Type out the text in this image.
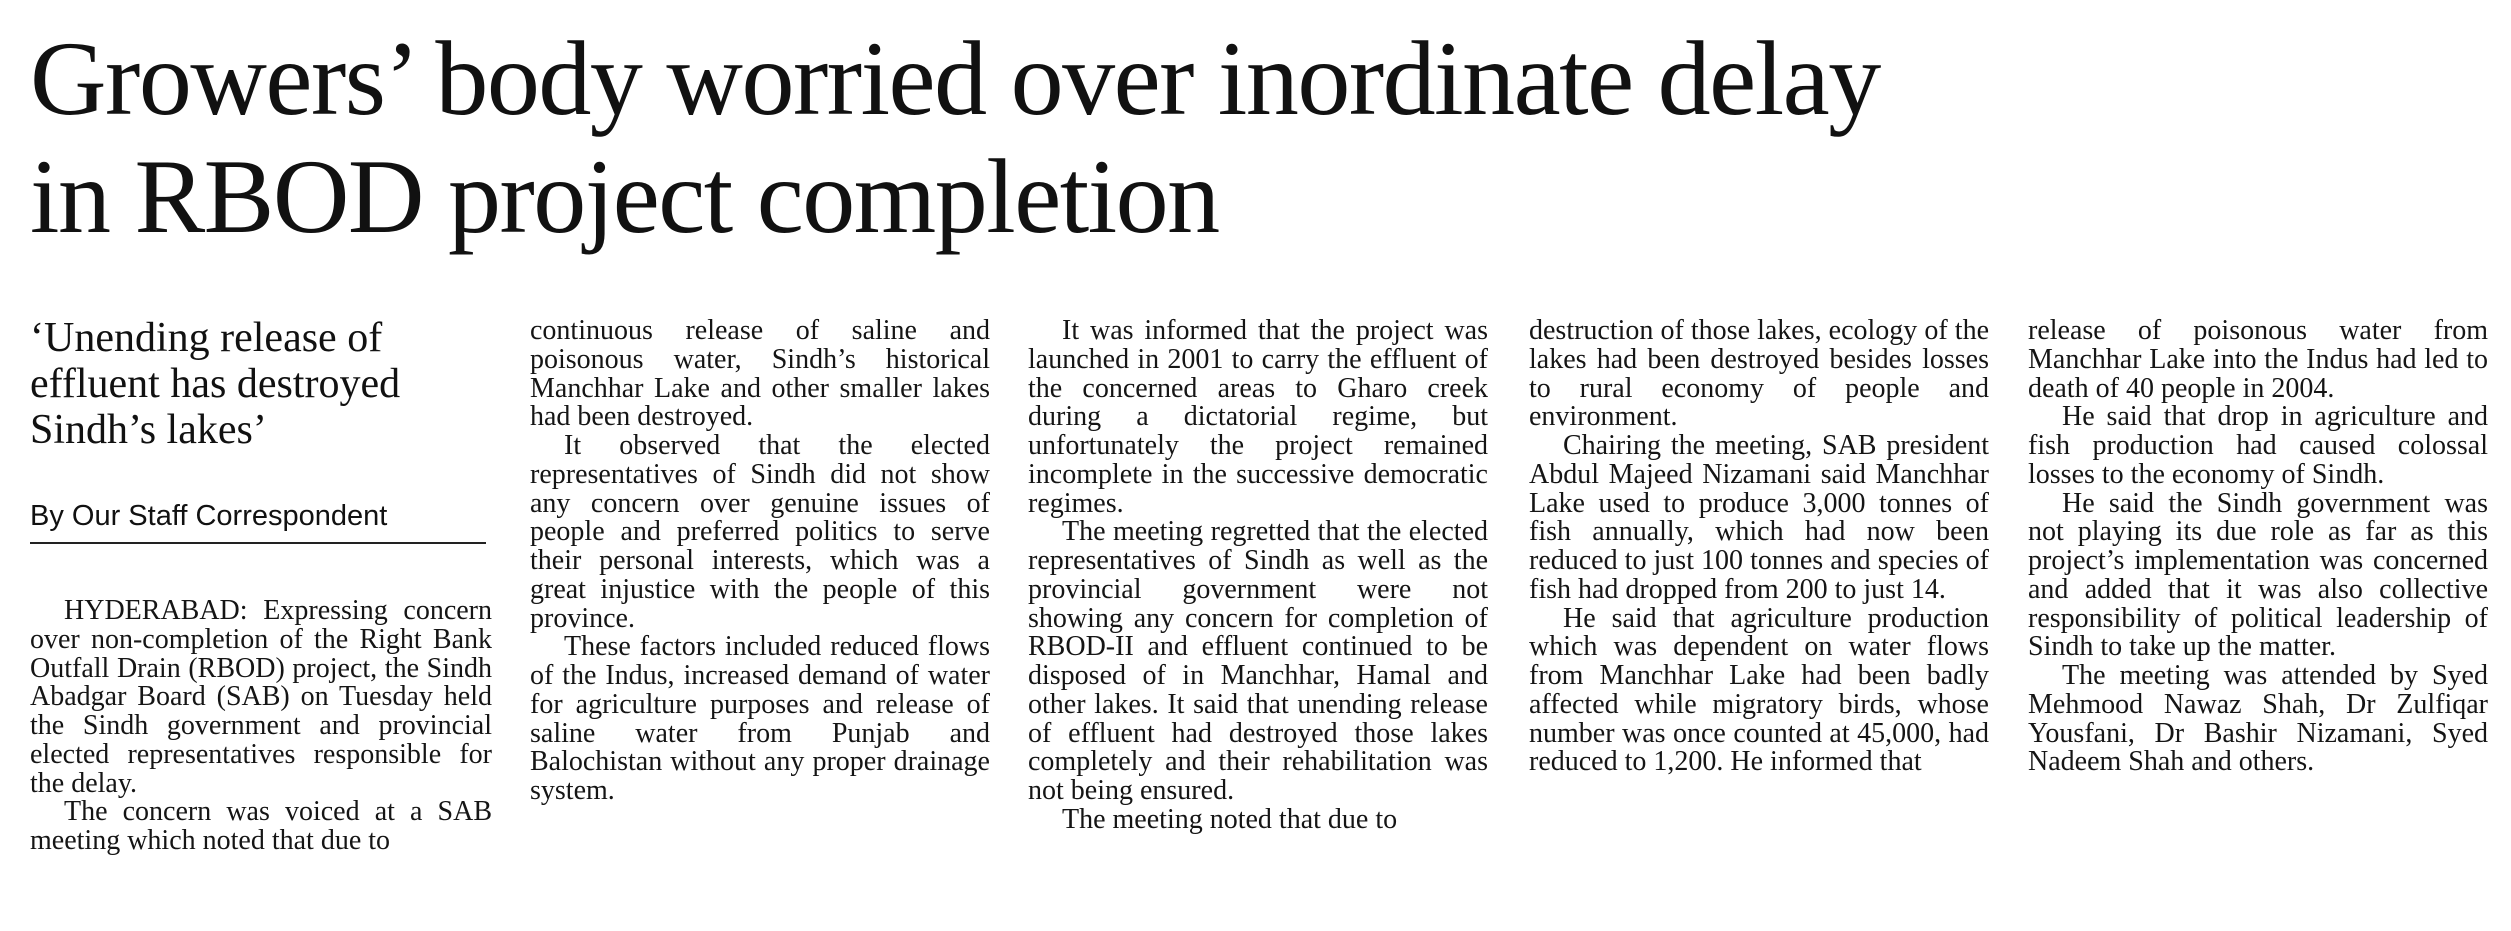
Growers’ body worried over inordinate delay
in RBOD project completion
‘Unending release of
effluent has destroyed
Sindh’s lakes’
By Our Staff Correspondent

HYDERABAD: Expressing concern over non-completion of the Right Bank Outfall Drain (RBOD) project, the Sindh Abadgar Board (SAB) on Tuesday held the Sindh government and provincial elected representatives responsible for the delay.

The concern was voiced at a SAB meeting which noted that due to

continuous release of saline and poisonous water, Sindh’s historical Manchhar Lake and other smaller lakes had been destroyed.

It observed that the elected representatives of Sindh did not show any concern over genuine issues of people and preferred politics to serve their personal interests, which was a great injustice with the people of this province.

These factors included reduced flows of the Indus, increased demand of water for agriculture purposes and release of saline water from Punjab and Balochistan without any proper drainage system.

It was informed that the project was launched in 2001 to carry the effluent of the concerned areas to Gharo creek during a dictatorial regime, but unfortunately the project remained incomplete in the successive democratic regimes.

The meeting regretted that the elected representatives of Sindh as well as the provincial government were not showing any concern for completion of RBOD-II and effluent continued to be disposed of in Manchhar, Hamal and other lakes. It said that unending release of effluent had destroyed those lakes completely and their rehabilitation was not being ensured.

The meeting noted that due to

destruction of those lakes, ecology of the lakes had been destroyed besides losses to rural economy of people and environment.

Chairing the meeting, SAB president Abdul Majeed Nizamani said Manchhar Lake used to produce 3,000 tonnes of fish annually, which had now been reduced to just 100 tonnes and species of fish had dropped from 200 to just 14.

He said that agriculture production which was dependent on water flows from Manchhar Lake had been badly affected while migratory birds, whose number was once counted at 45,000, had reduced to 1,200. He informed that

release of poisonous water from Manchhar Lake into the Indus had led to death of 40 people in 2004.

He said that drop in agriculture and fish production had caused colossal losses to the economy of Sindh.

He said the Sindh government was not playing its due role as far as this project’s implementation was concerned and added that it was also collective responsibility of political leadership of Sindh to take up the matter.

The meeting was attended by Syed Mehmood Nawaz Shah, Dr Zulfiqar Yousfani, Dr Bashir Nizamani, Syed Nadeem Shah and others.
